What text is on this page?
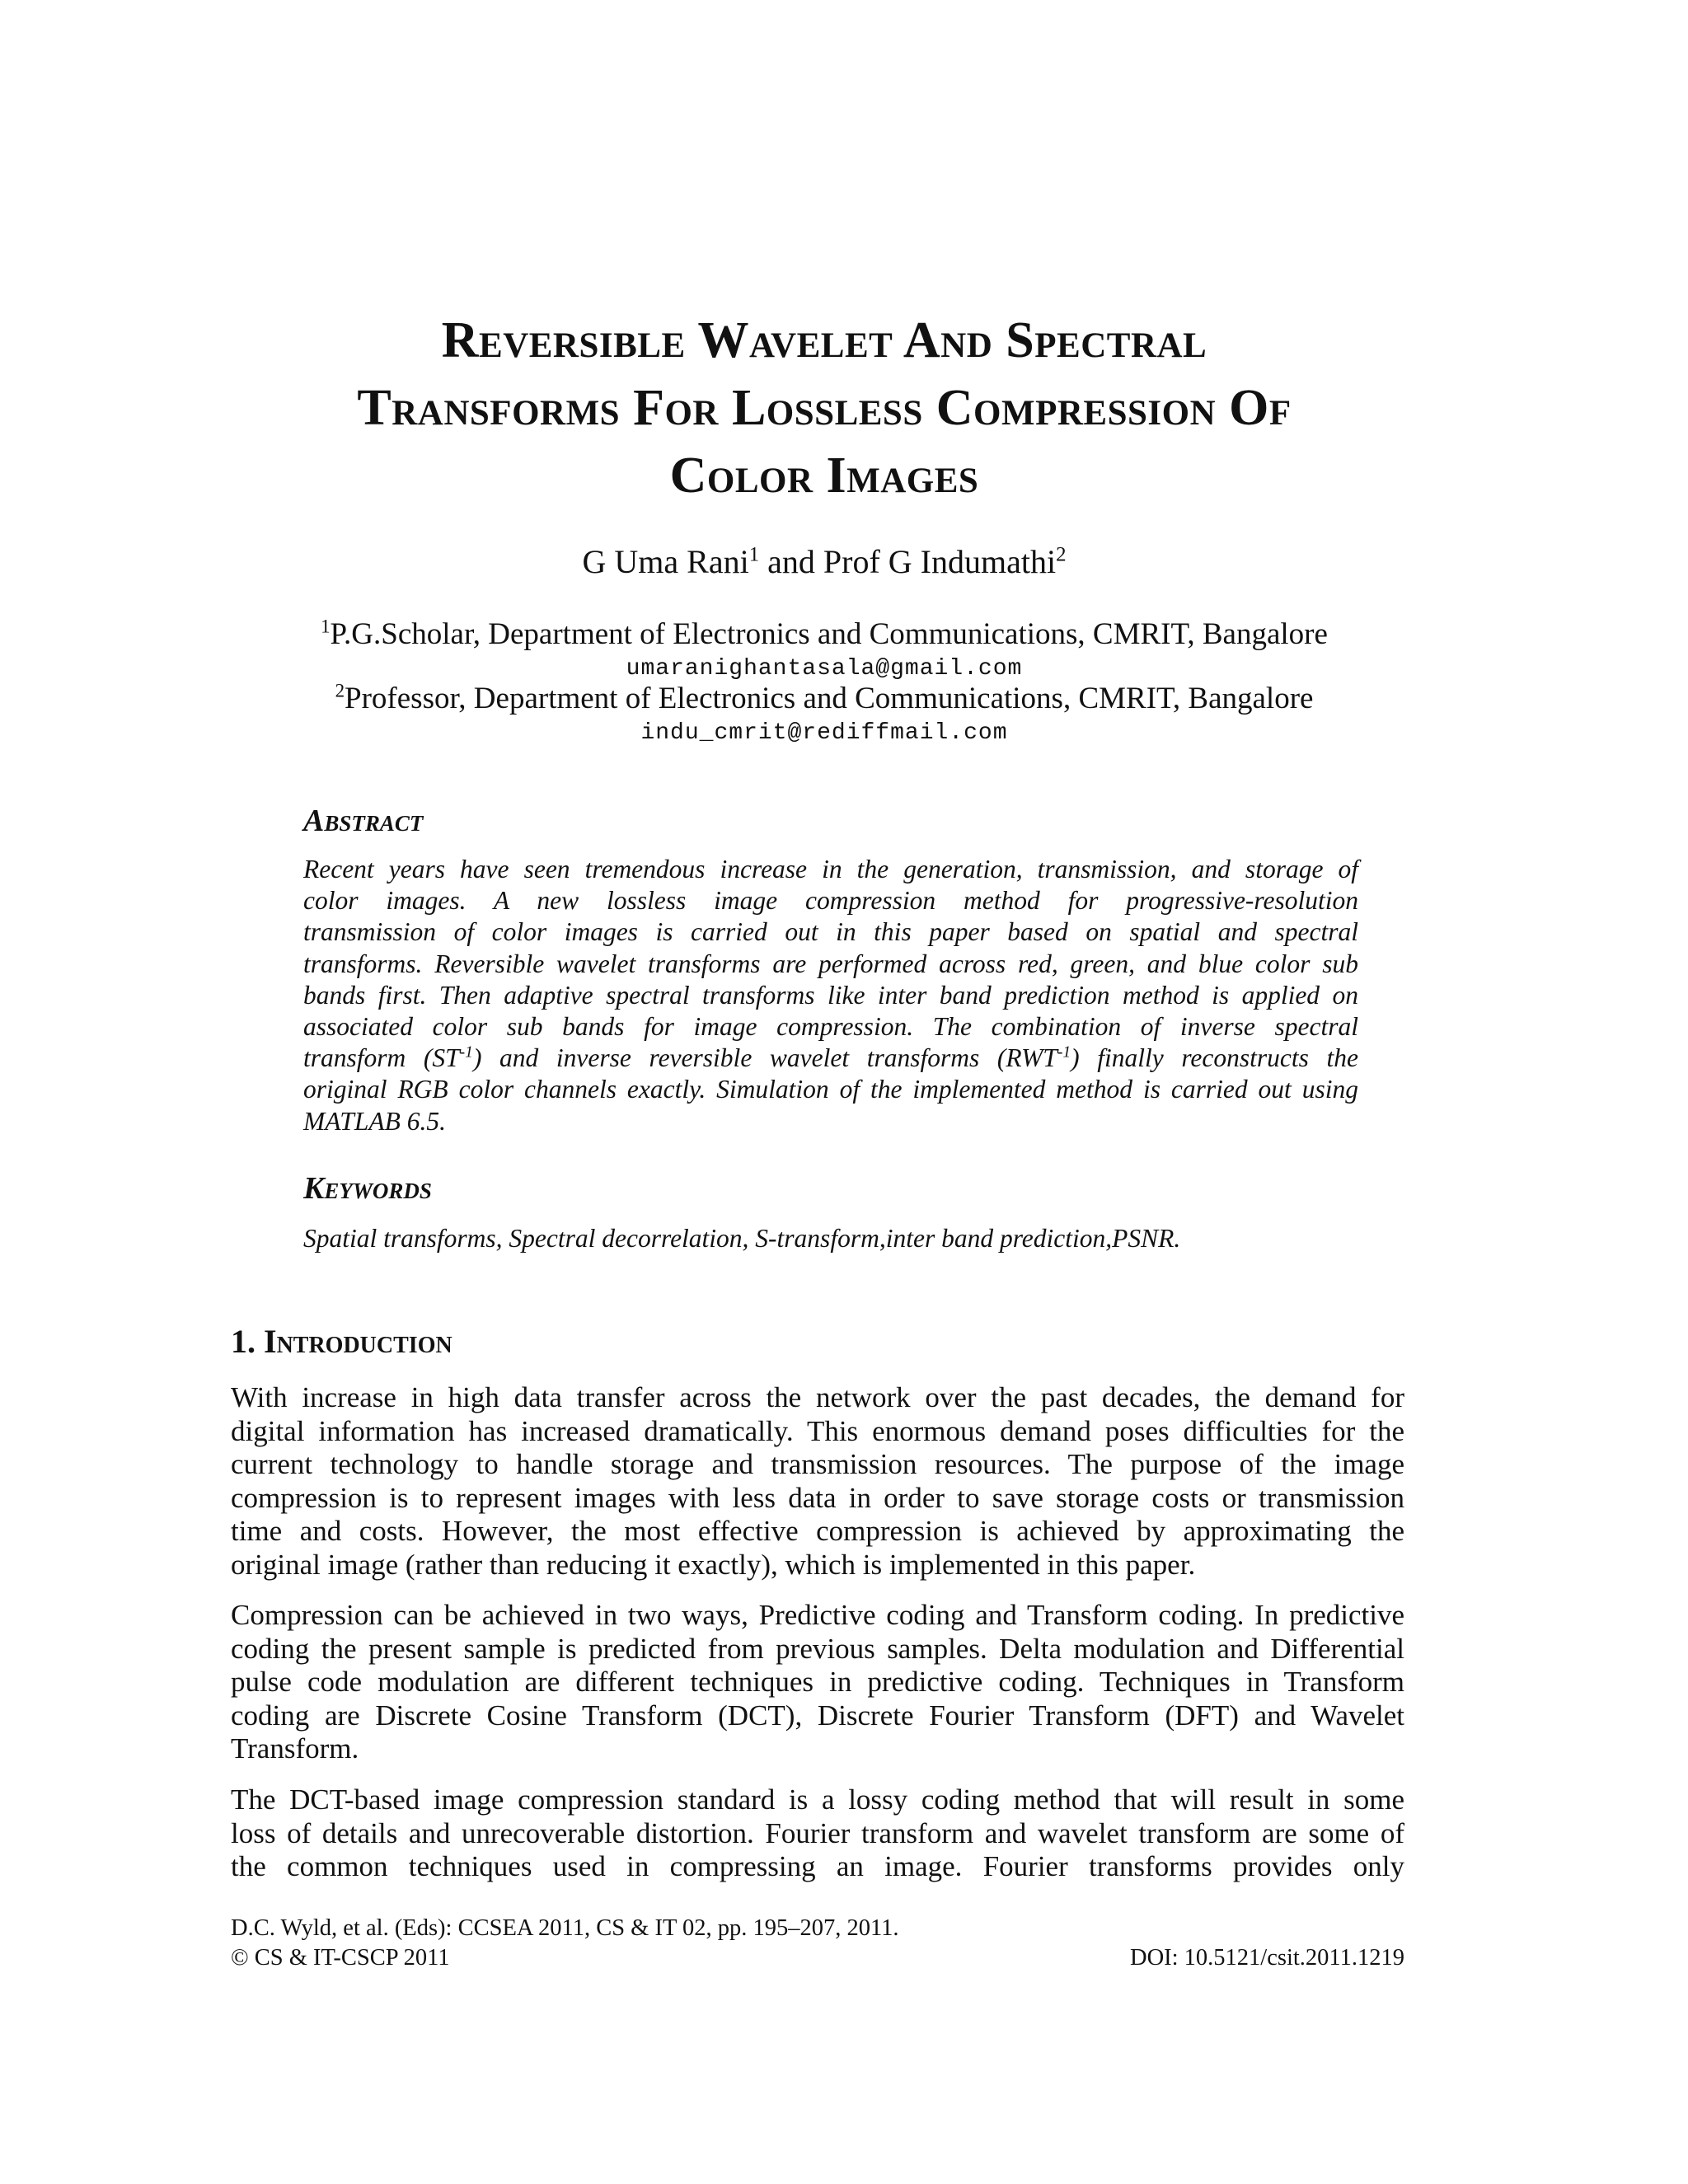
Reversible Wavelet And Spectral
Transforms For Lossless Compression Of
Color Images
G Uma Rani$^1$ and Prof G Indumathi$^2$
$^1$P.G.Scholar, Department of Electronics and Communications, CMRIT, Bangalore
umaranighantasala@gmail.com
$^2$Professor, Department of Electronics and Communications, CMRIT, Bangalore
indu_cmrit@rediffmail.com
Abstract
Recent years have seen tremendous increase in the generation, transmission, and storage of
color images. A new lossless image compression method for progressive-resolution
transmission of color images is carried out in this paper based on spatial and spectral
transforms. Reversible wavelet transforms are performed across red, green, and blue color sub
bands first. Then adaptive spectral transforms like inter band prediction method is applied on
associated color sub bands for image compression. The combination of inverse spectral
transform $(ST^{-1})$ and inverse reversible wavelet transforms $(RWT^{-1})$ finally reconstructs the
original RGB color channels exactly. Simulation of the implemented method is carried out using
MATLAB 6.5.
Keywords
Spatial transforms, Spectral decorrelation, S-transform,inter band prediction,PSNR.
1. Introduction
With increase in high data transfer across the network over the past decades, the demand for
digital information has increased dramatically. This enormous demand poses difficulties for the
current technology to handle storage and transmission resources. The purpose of the image
compression is to represent images with less data in order to save storage costs or transmission
time and costs. However, the most effective compression is achieved by approximating the
original image (rather than reducing it exactly), which is implemented in this paper.
Compression can be achieved in two ways, Predictive coding and Transform coding. In predictive
coding the present sample is predicted from previous samples. Delta modulation and Differential
pulse code modulation are different techniques in predictive coding. Techniques in Transform
coding are Discrete Cosine Transform (DCT), Discrete Fourier Transform (DFT) and Wavelet
Transform.
The DCT-based image compression standard is a lossy coding method that will result in some
loss of details and unrecoverable distortion. Fourier transform and wavelet transform are some of
the common techniques used in compressing an image. Fourier transforms provides only
D.C. Wyld, et al. (Eds): CCSEA 2011, CS & IT 02, pp. 195–207, 2011.
© CS & IT-CSCP 2011	DOI: 10.5121/csit.2011.1219
